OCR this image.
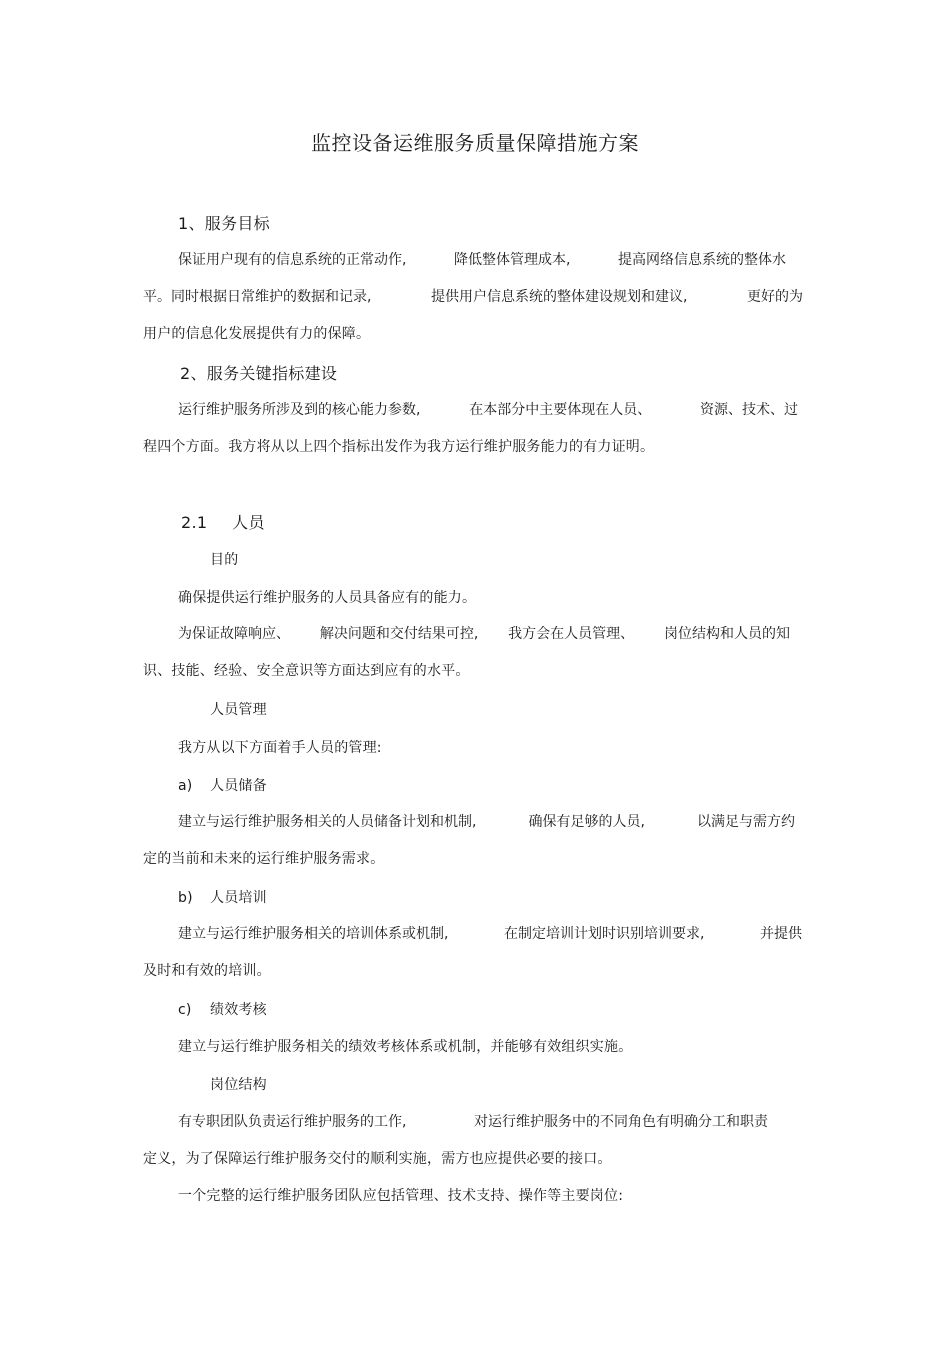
监控设备运维服务质量保障措施方案
1、服务目标
保证用户现有的信息系统的正常动作,	降低整体管理成本,	提高网络信息系统的整体水
平。同时根据日常维护的数据和记录,	提供用户信息系统的整体建设规划和建议,	更好的为
用户的信息化发展提供有力的保障。
2、服务关键指标建设
运行维护服务所涉及到的核心能力参数,	在本部分中主要体现在人员、	资源、技术、过
程四个方面。我方将从以上四个指标出发作为我方运行维护服务能力的有力证明。
2.1 人员
目的
确保提供运行维护服务的人员具备应有的能力。
为保证故障响应、 解决问题和交付结果可控, 我方会在人员管理、 岗位结构和人员的知
识、技能、经验、安全意识等方面达到应有的水平。
人员管理
我方从以下方面着手人员的管理:
a) 人员储备
建立与运行维护服务相关的人员储备计划和机制,	确保有足够的人员,	以满足与需方约
定的当前和未来的运行维护服务需求。
b) 人员培训
建立与运行维护服务相关的培训体系或机制,	在制定培训计划时识别培训要求,	并提供
及时和有效的培训。
c) 绩效考核
建立与运行维护服务相关的绩效考核体系或机制，并能够有效组织实施。
岗位结构
有专职团队负责运行维护服务的工作,	对运行维护服务中的不同角色有明确分工和职责
定义，为了保障运行维护服务交付的顺利实施，需方也应提供必要的接口。
一个完整的运行维护服务团队应包括管理、技术支持、操作等主要岗位:
